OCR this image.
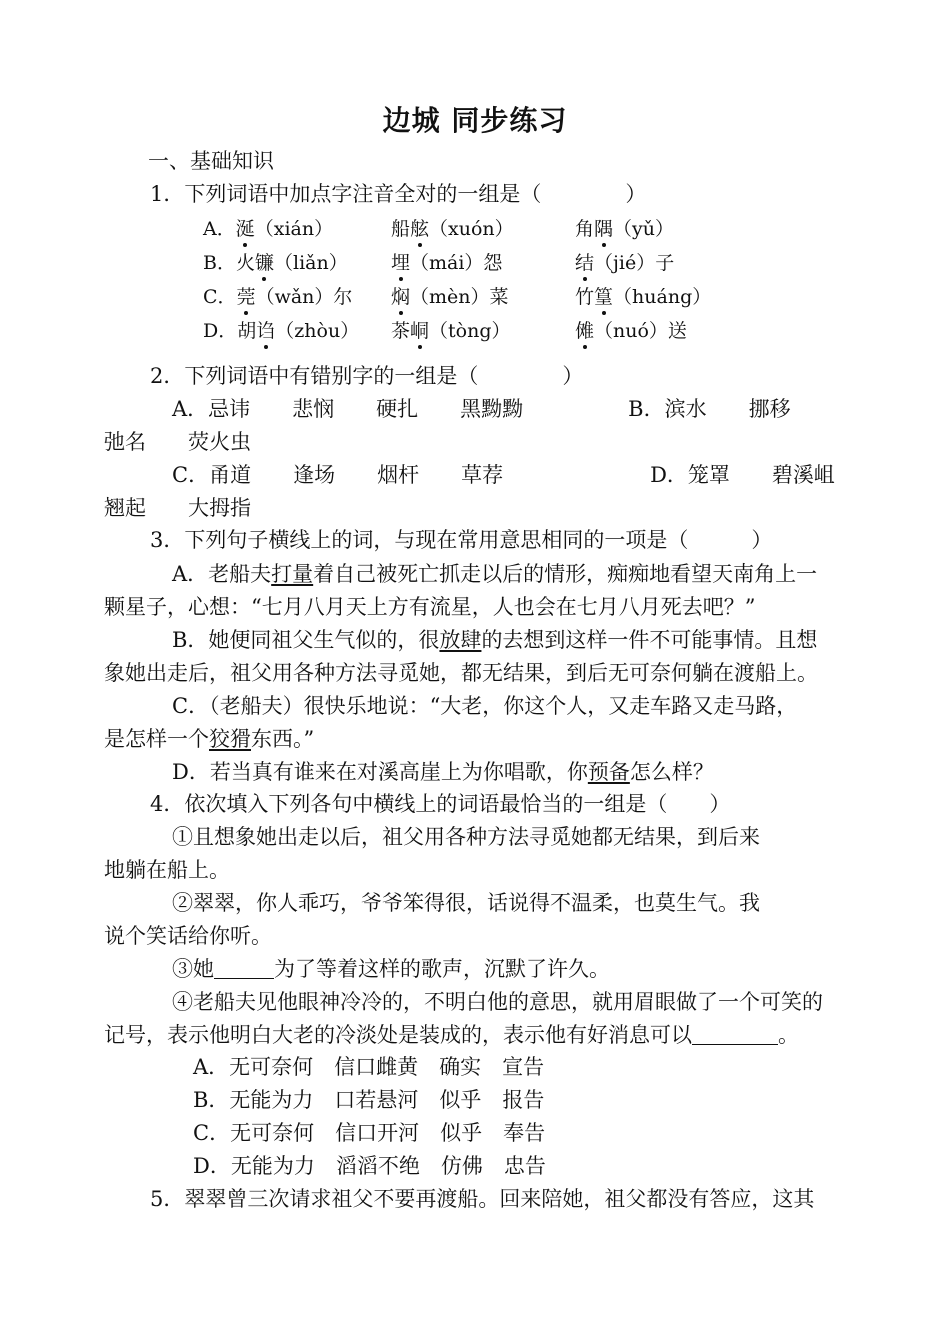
边城 同步练习
一、基础知识
1．下列词语中加点字注音全对的一组是（　　　　）
A．涎（xián）	船舷（xuón）	角隅（yǔ）
B．火镰（liǎn） 埋（mái）怨	结（jié）子
C．莞（wǎn）尔 焖（mèn）菜	竹篁（huáng）
D．胡诌（zhòu） 茶峒（tòng）	傩（nuó）送
2．下列词语中有错别字的一组是（　　　　）
A．忌讳　　悲悯　　硬扎　　黑黝黝　　　　　B．滨水　　挪移
弛名　　荧火虫
C．甬道　　逢场　　烟杆　　草荐　　　　　　　D．笼罩　　碧溪岨
翘起　　大拇指
3．下列句子横线上的词，与现在常用意思相同的一项是（　　　）
A．老船夫打量着自己被死亡抓走以后的情形，痴痴地看望天南角上一
颗星子，心想：“七月八月天上方有流星，人也会在七月八月死去吧？”
B．她便同祖父生气似的，很放肆的去想到这样一件不可能事情。且想
象她出走后，祖父用各种方法寻觅她，都无结果，到后无可奈何躺在渡船上。
C．（老船夫）很快乐地说：“大老，你这个人，又走车路又走马路，
是怎样一个狡猾东西。”
D．若当真有谁来在对溪高崖上为你唱歌，你预备怎么样？
4．依次填入下列各句中横线上的词语最恰当的一组是（　　）
①且想象她出走以后，祖父用各种方法寻觅她都无结果，到后来
地躺在船上。
②翠翠，你人乖巧，爷爷笨得很，话说得不温柔，也莫生气。我
说个笑话给你听。
③她	为了等着这样的歌声，沉默了许久。
④老船夫见他眼神冷冷的，不明白他的意思，就用眉眼做了一个可笑的
记号，表示他明白大老的冷淡处是装成的，表示他有好消息可以	。
A．无可奈何　信口雌黄　确实　宣告
B．无能为力　口若悬河　似乎　报告
C．无可奈何　信口开河　似乎　奉告
D．无能为力　滔滔不绝　仿佛　忠告
5．翠翠曾三次请求祖父不要再渡船。回来陪她，祖父都没有答应，这其
